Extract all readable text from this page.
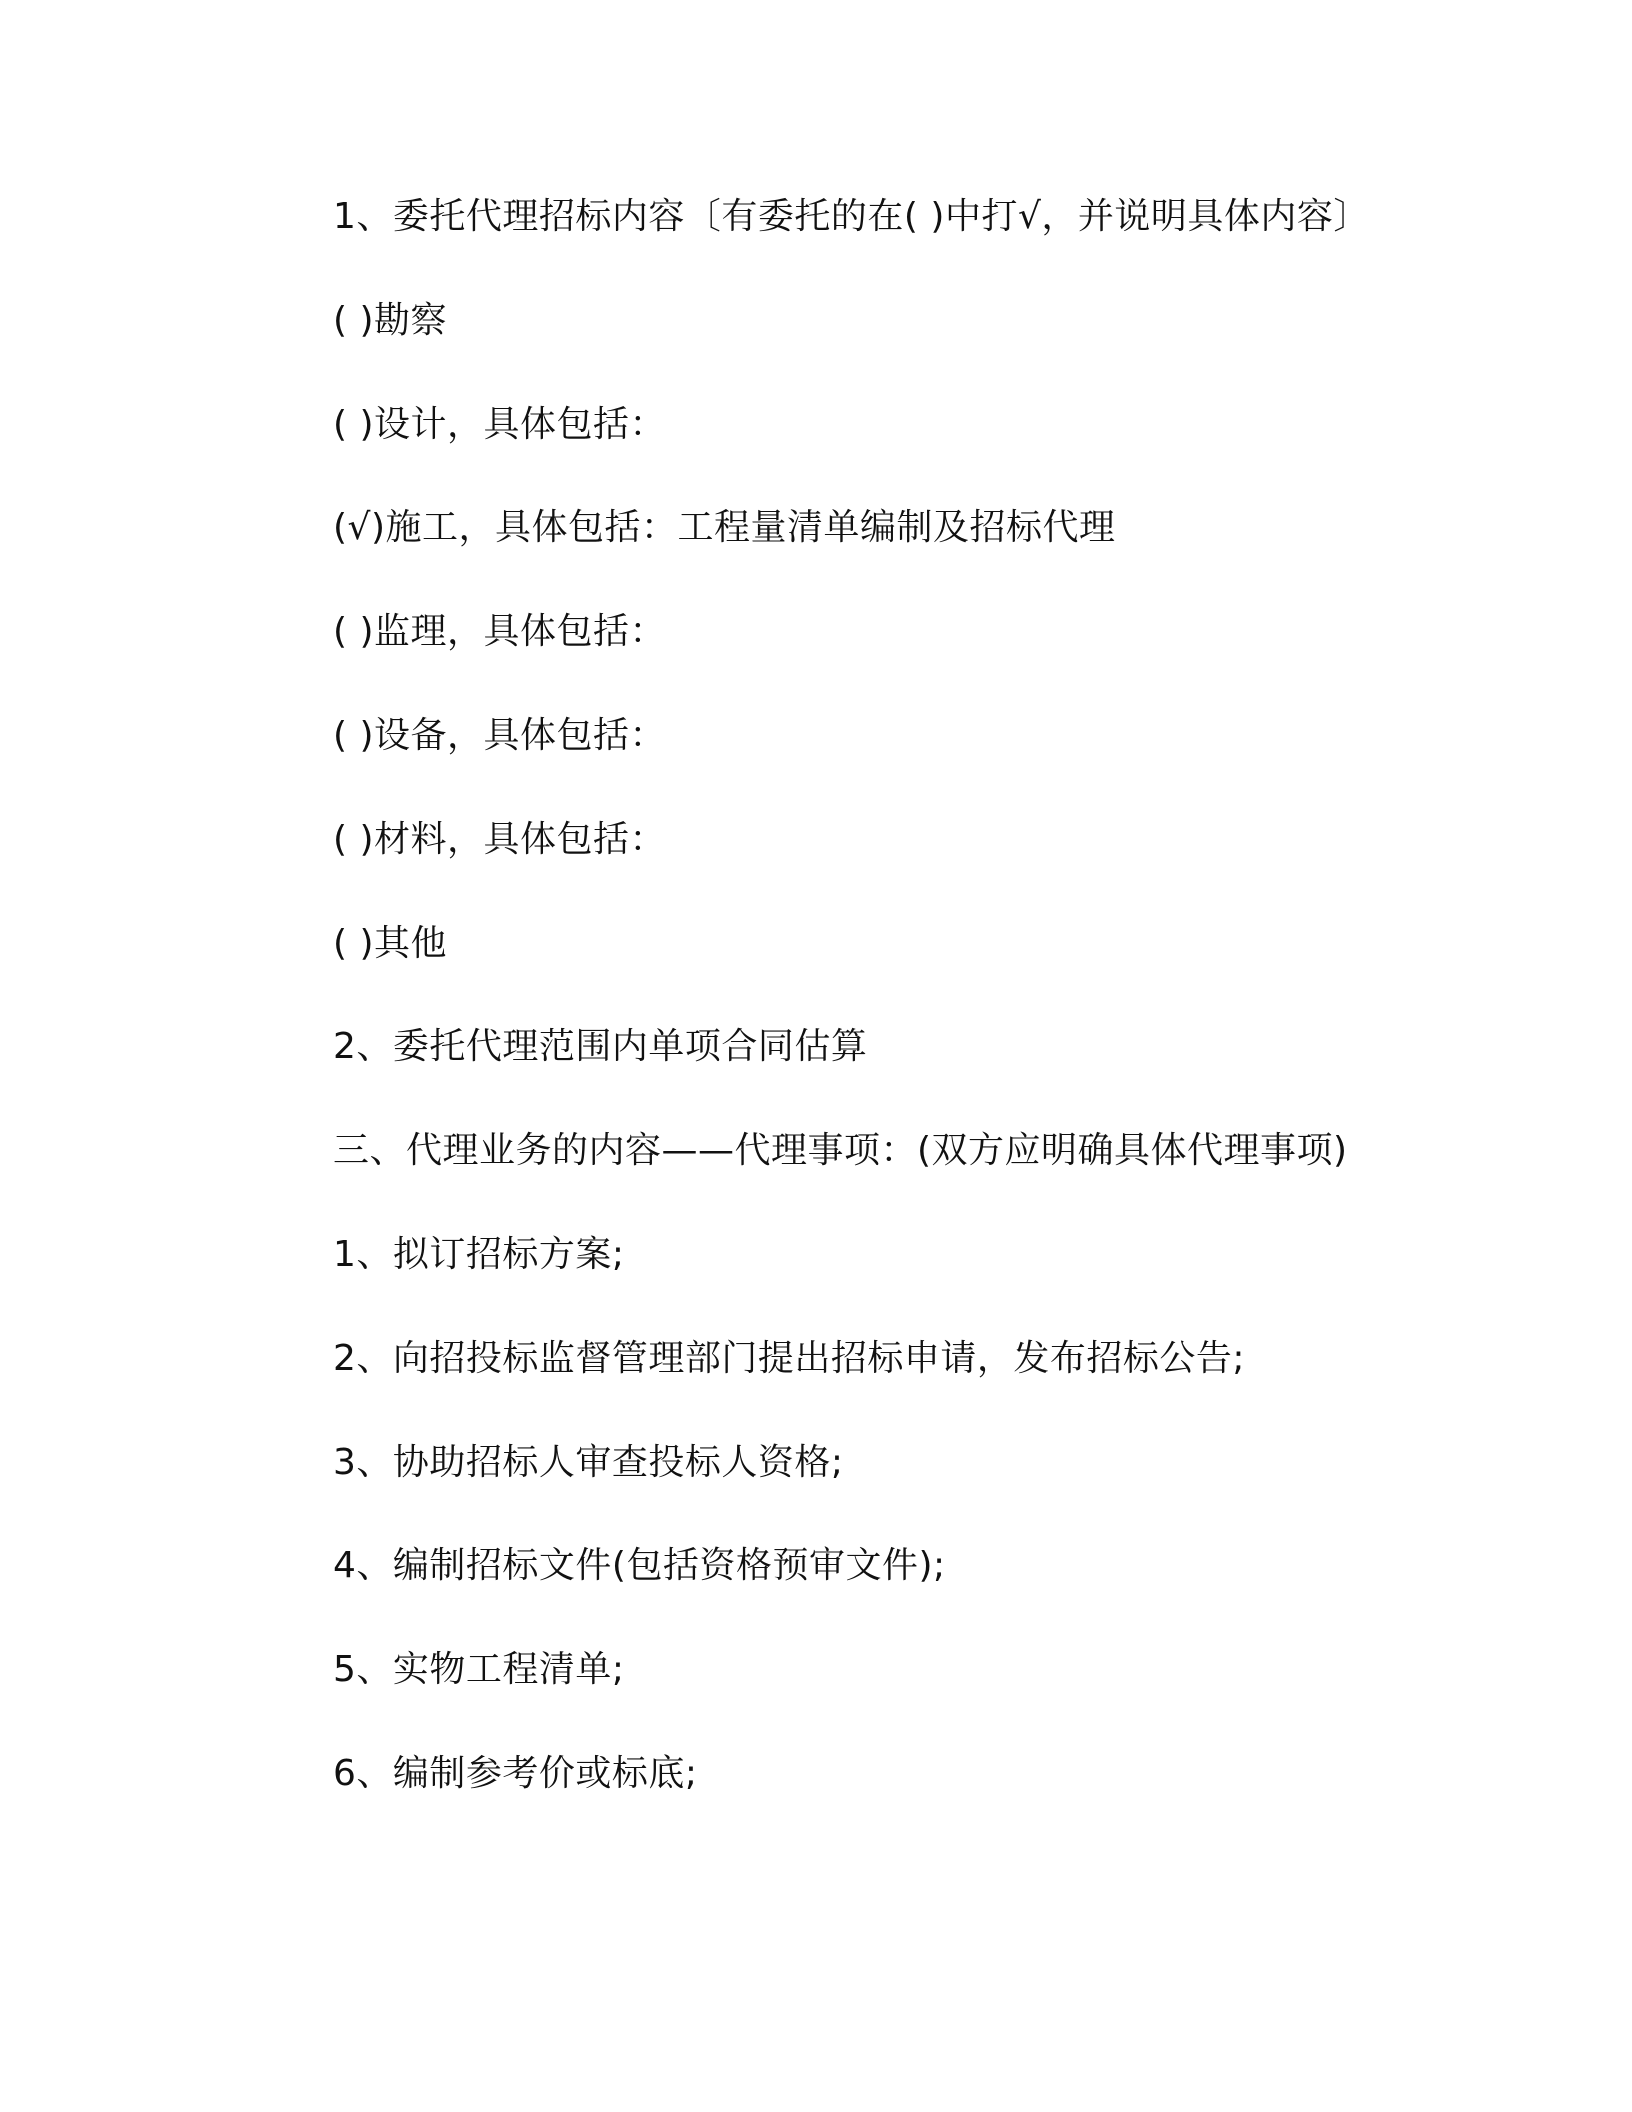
1、委托代理招标内容〔有委托的在( )中打√，并说明具体内容〕
( )勘察
( )设计，具体包括：
(√)施工，具体包括：工程量清单编制及招标代理
( )监理，具体包括：
( )设备，具体包括：
( )材料，具体包括：
( )其他
2、委托代理范围内单项合同估算
三、代理业务的内容——代理事项：(双方应明确具体代理事项)
1、拟订招标方案;
2、向招投标监督管理部门提出招标申请，发布招标公告;
3、协助招标人审查投标人资格;
4、编制招标文件(包括资格预审文件);
5、实物工程清单;
6、编制参考价或标底;
